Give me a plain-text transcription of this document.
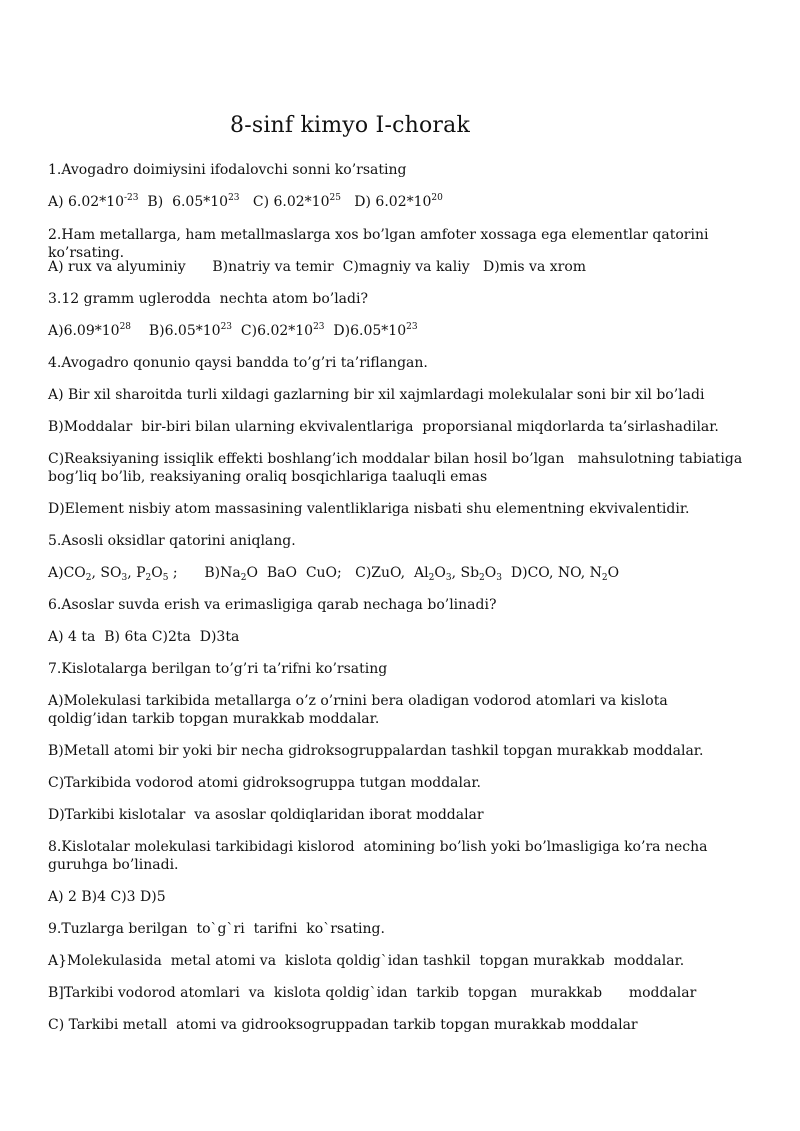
8-sinf kimyo I-chorak
1.Avogadro doimiysini ifodalovchi sonni ko’rsating
A) $6.02*10^{-23}$  B)  $6.05*10^{23}$   C) $6.02*10^{25}$   D) $6.02*10^{20}$
2.Ham metallarga, ham metallmaslarga xos bo’lgan amfoter xossaga ega elementlar qatorini ko’rsating.
A) rux va alyuminiy      B)natriy va temir  C)magniy va kaliy   D)mis va xrom
3.12 gramm uglerodda  nechta atom bo’ladi?
$A)6.09*10^{28}$    $B)6.05*10^{23}$  $C)6.02*10^{23}$  $D)6.05*10^{23}$
4.Avogadro qonunio qaysi bandda to’g’ri ta’riflangan.
A) Bir xil sharoitda turli xildagi gazlarning bir xil xajmlardagi molekulalar soni bir xil bo’ladi
B)Moddalar  bir-biri bilan ularning ekvivalentlariga  proporsianal miqdorlarda ta’sirlashadilar.
C)Reaksiyaning issiqlik effekti boshlang’ich moddalar bilan hosil bo’lgan   mahsulotning tabiatiga bog’liq bo’lib, reaksiyaning oraliq bosqichlariga taaluqli emas
D)Element nisbiy atom massasining valentliklariga nisbati shu elementning ekvivalentidir.
5.Asosli oksidlar qatorini aniqlang.
$A)CO_2$, $SO_3$, $P_2O_5$ ;      $B)Na_2O$  BaO  CuO;   C)ZuO,  $Al_2O_3$, $Sb_2O_3$  D)CO, NO, $N_2O$
6.Asoslar suvda erish va erimasligiga qarab nechaga bo’linadi?
A) 4 ta  B) 6ta C)2ta  D)3ta
7.Kislotalarga berilgan to’g’ri ta’rifni ko’rsating
A)Molekulasi tarkibida metallarga o’z o’rnini bera oladigan vodorod atomlari va kislota qoldig’idan tarkib topgan murakkab moddalar.
B)Metall atomi bir yoki bir necha gidroksogruppalardan tashkil topgan murakkab moddalar.
C)Tarkibida vodorod atomi gidroksogruppa tutgan moddalar.
D)Tarkibi kislotalar  va asoslar qoldiqlaridan iborat moddalar
8.Kislotalar molekulasi tarkibidagi kislorod  atomining bo’lish yoki bo’lmasligiga ko’ra necha guruhga bo’linadi.
A) 2 B)4 C)3 D)5
9.Tuzlarga berilgan  to`g`ri  tarifni  ko`rsating.
A}Molekulasida  metal atomi va  kislota qoldig`idan tashkil  topgan murakkab  moddalar.
B]Tarkibi vodorod atomlari  va  kislota qoldig`idan  tarkib  topgan   murakkab      moddalar
C) Tarkibi metall  atomi va gidrooksogruppadan tarkib topgan murakkab moddalar
